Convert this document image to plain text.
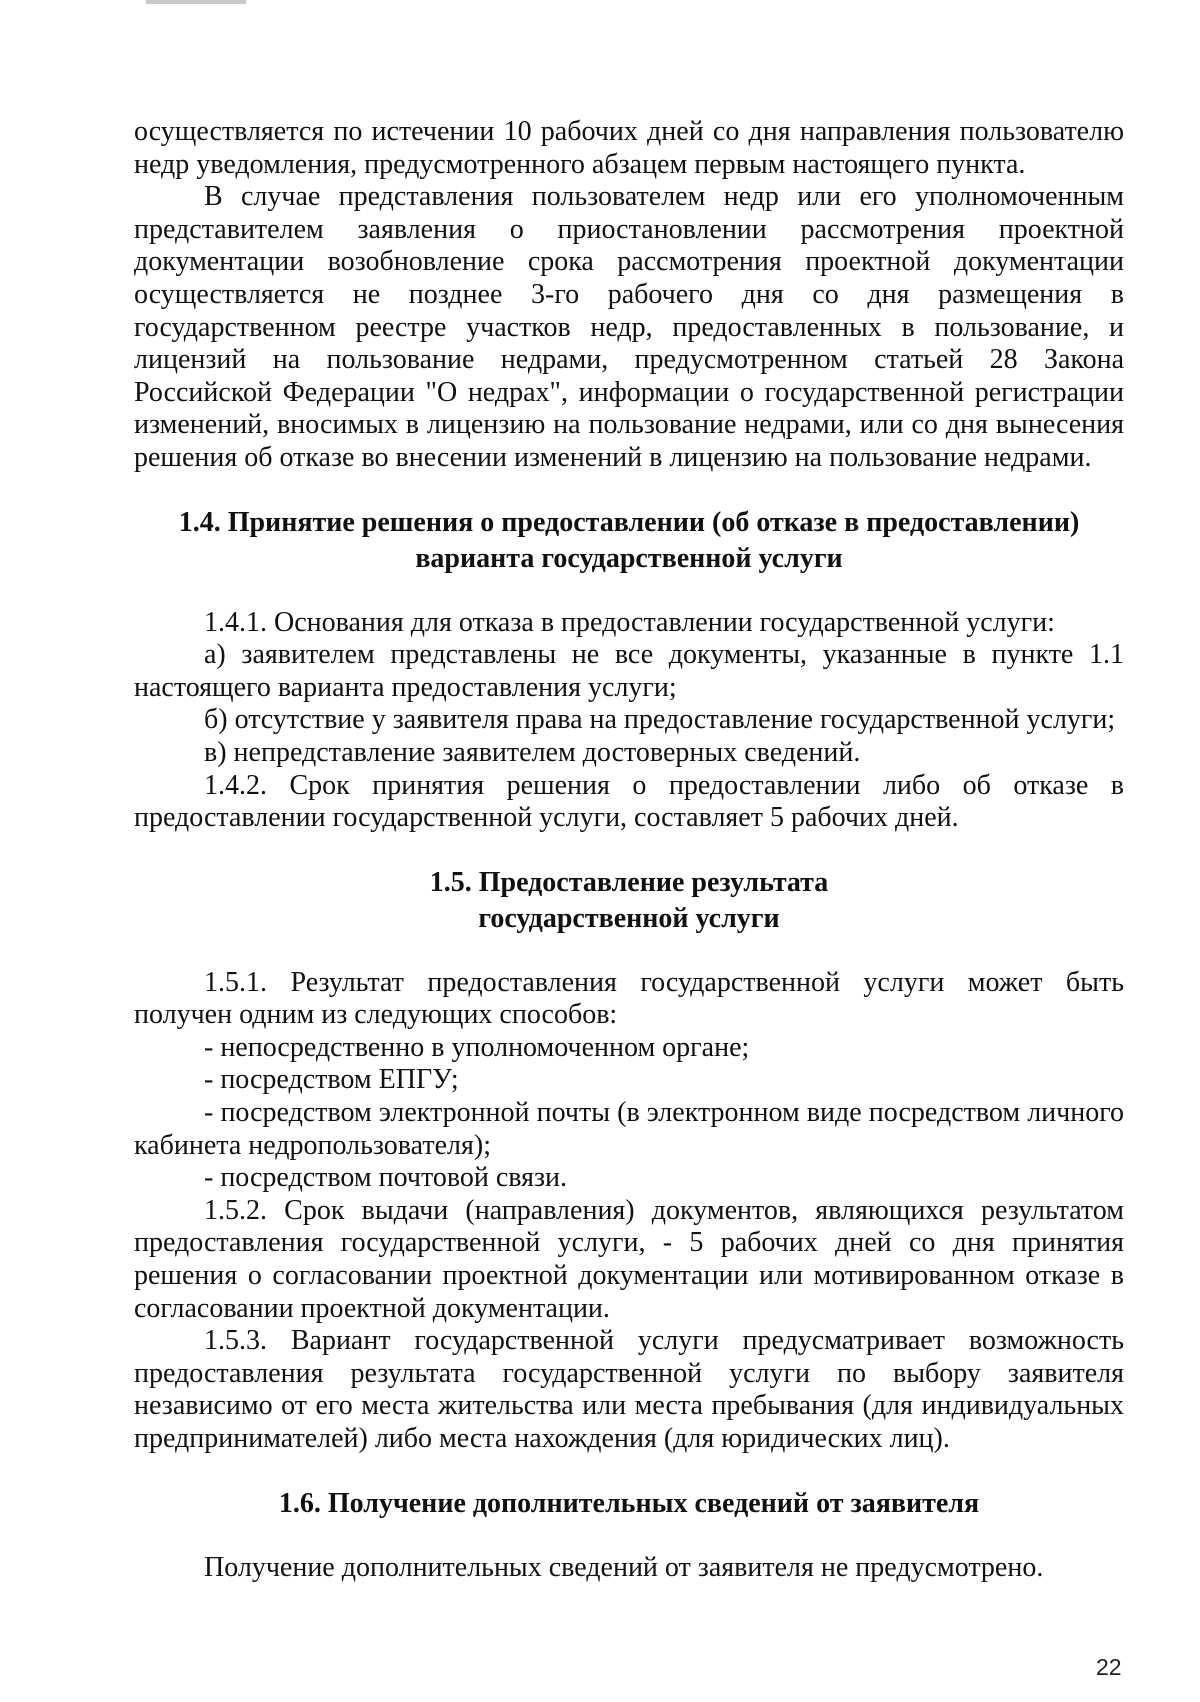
осуществляется по истечении 10 рабочих дней со дня направления пользователю недр уведомления, предусмотренного абзацем первым настоящего пункта.

В случае представления пользователем недр или его уполномоченным представителем заявления о приостановлении рассмотрения проектной документации возобновление срока рассмотрения проектной документации осуществляется не позднее 3-го рабочего дня со дня размещения в государственном реестре участков недр, предоставленных в пользование, и лицензий на пользование недрами, предусмотренном статьей 28 Закона Российской Федерации "О недрах", информации о государственной регистрации изменений, вносимых в лицензию на пользование недрами, или со дня вынесения решения об отказе во внесении изменений в лицензию на пользование недрами.

1.4. Принятие решения о предоставлении (об отказе в предоставлении)

варианта государственной услуги

1.4.1. Основания для отказа в предоставлении государственной услуги:

а) заявителем представлены не все документы, указанные в пункте 1.1 настоящего варианта предоставления услуги;

б) отсутствие у заявителя права на предоставление государственной услуги;

в) непредставление заявителем достоверных сведений.

1.4.2. Срок принятия решения о предоставлении либо об отказе в предоставлении государственной услуги, составляет 5 рабочих дней.

1.5. Предоставление результата

государственной услуги

1.5.1. Результат предоставления государственной услуги может быть получен одним из следующих способов:

- непосредственно в уполномоченном органе;

- посредством ЕПГУ;

- посредством электронной почты (в электронном виде посредством личного кабинета недропользователя);

- посредством почтовой связи.

1.5.2. Срок выдачи (направления) документов, являющихся результатом предоставления государственной услуги, - 5 рабочих дней со дня принятия решения о согласовании проектной документации или мотивированном отказе в согласовании проектной документации.

1.5.3. Вариант государственной услуги предусматривает возможность предоставления результата государственной услуги по выбору заявителя независимо от его места жительства или места пребывания (для индивидуальных предпринимателей) либо места нахождения (для юридических лиц).

1.6. Получение дополнительных сведений от заявителя

Получение дополнительных сведений от заявителя не предусмотрено.

22
